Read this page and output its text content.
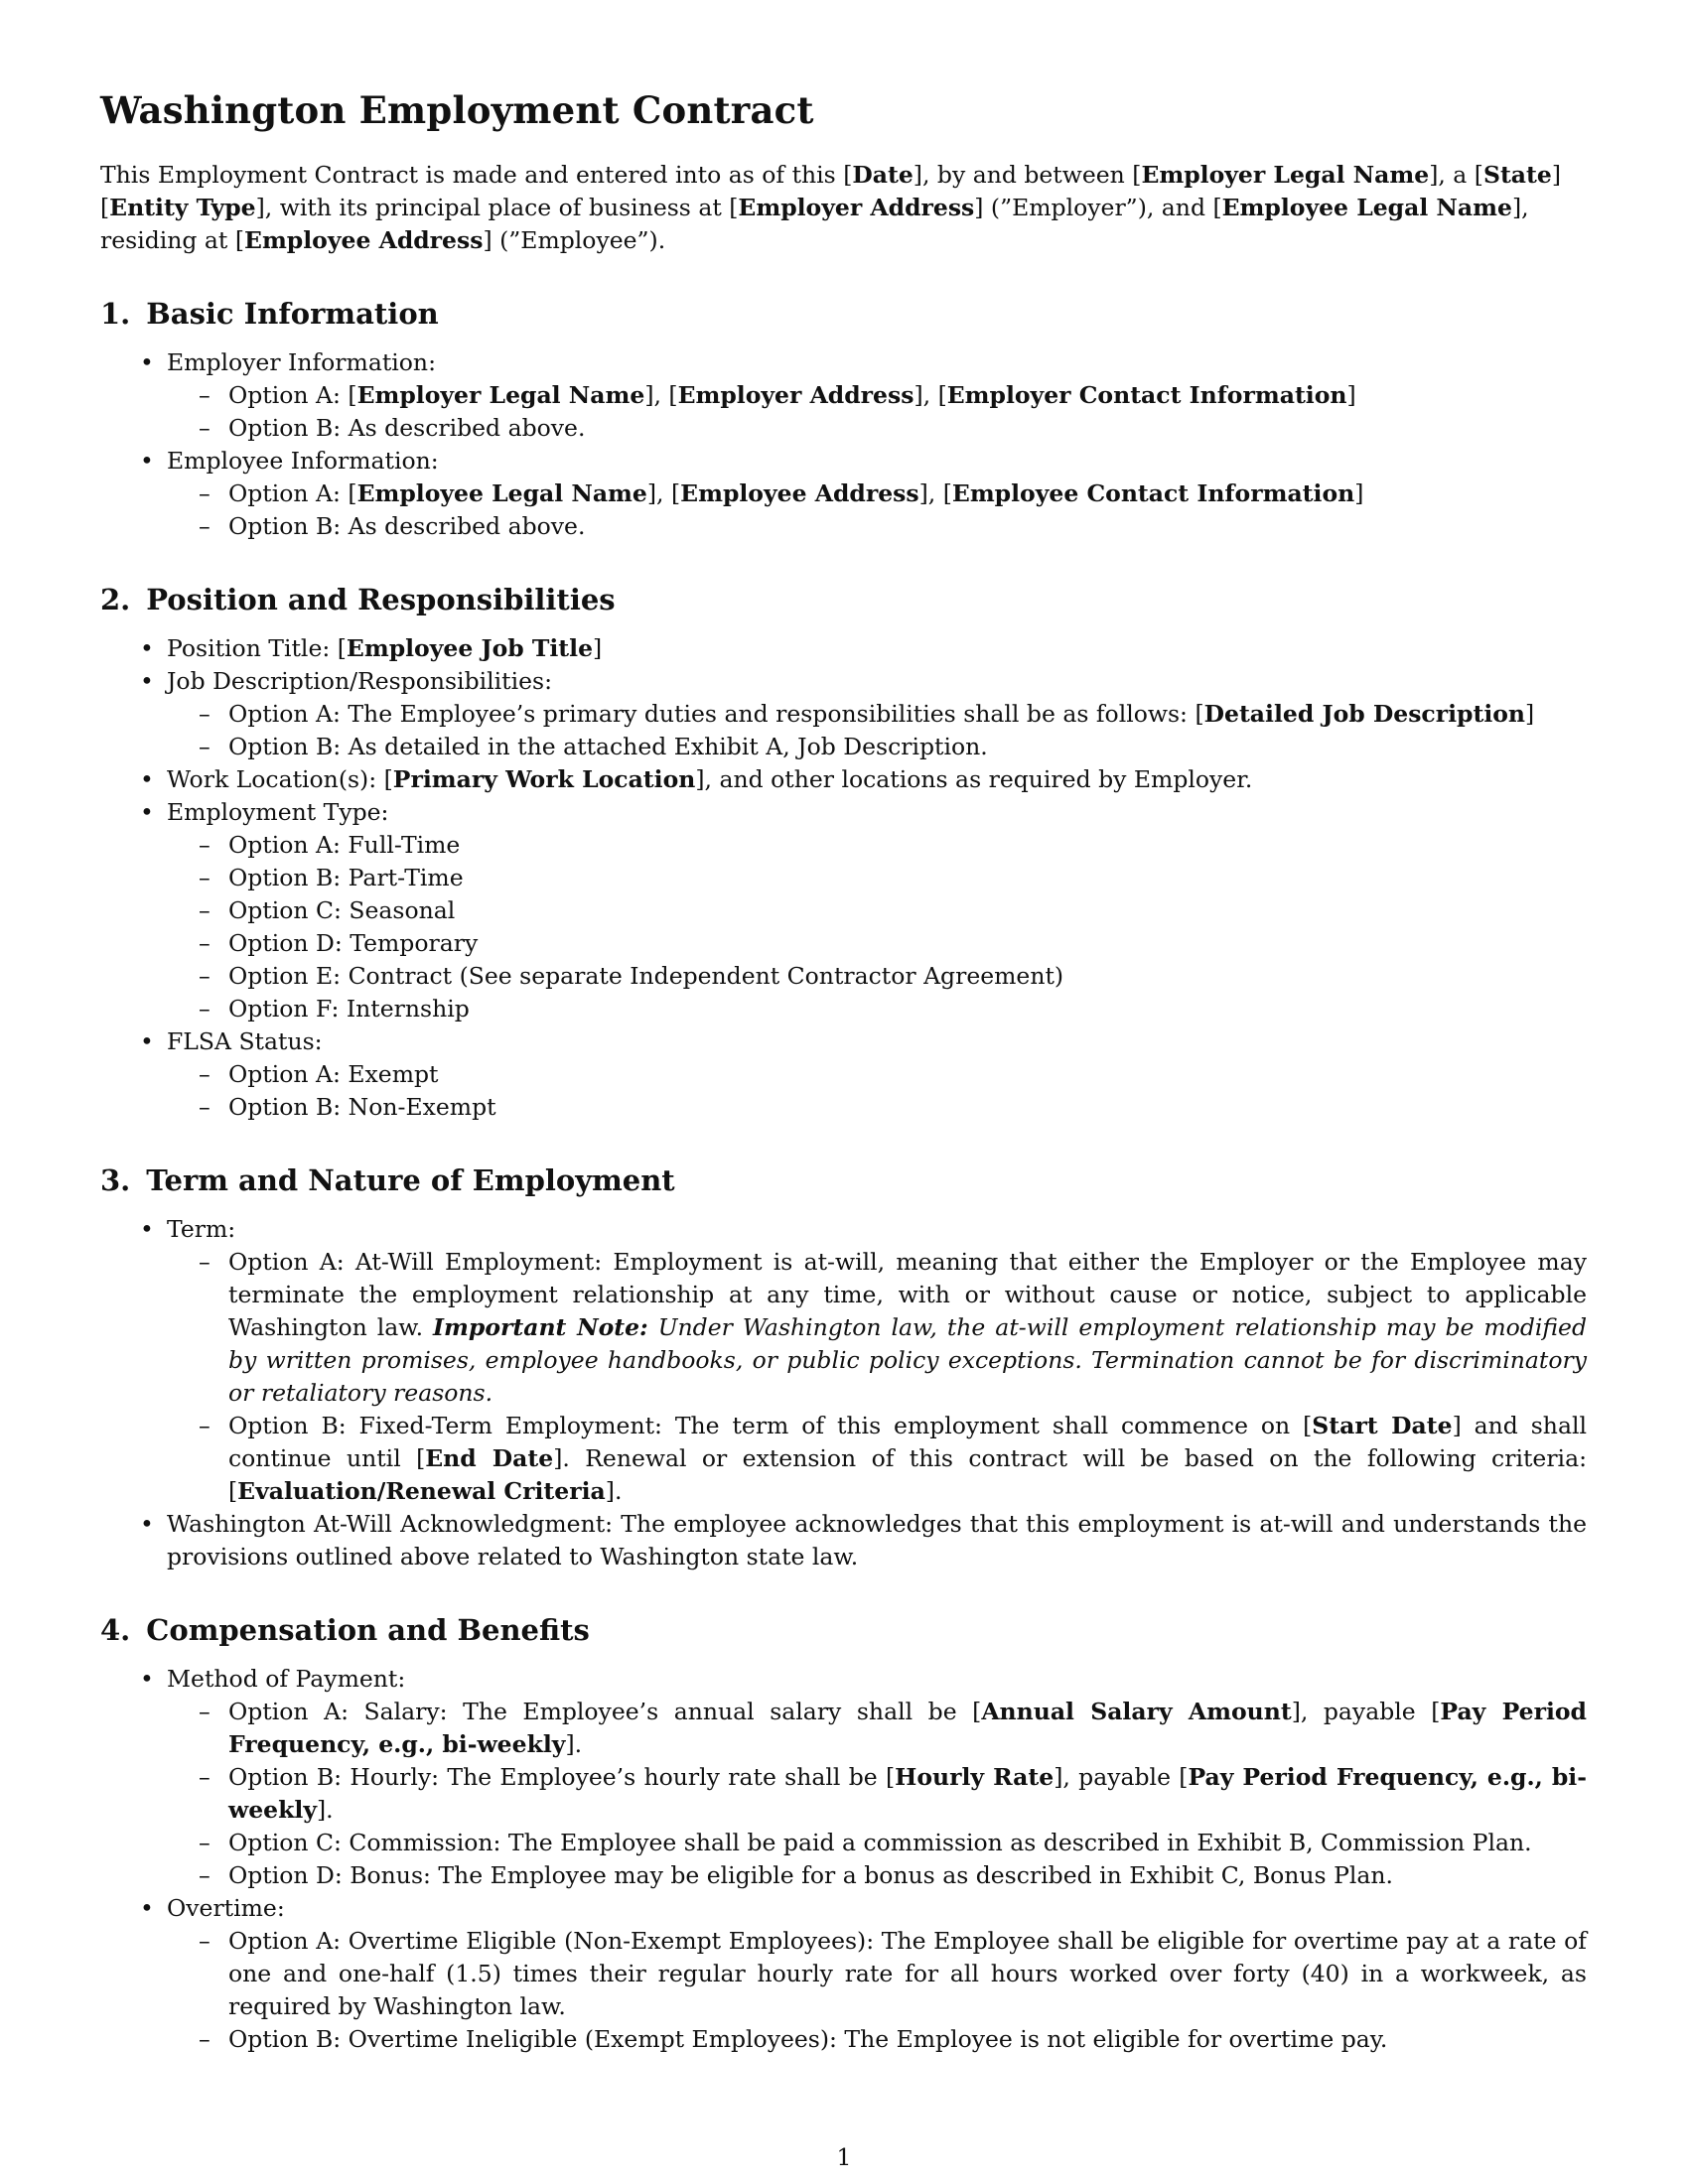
Washington Employment Contract

This Employment Contract is made and entered into as of this [Date], by and between [Employer Legal Name], a [State] [Entity Type], with its principal place of business at [Employer Address] (”Employer”), and [Employee Legal Name], residing at [Employee Address] (”Employee”).

1. Basic Information
• Employer Information:
– Option A: [Employer Legal Name], [Employer Address], [Employer Contact Information]
– Option B: As described above.
• Employee Information:
– Option A: [Employee Legal Name], [Employee Address], [Employee Contact Information]
– Option B: As described above.
2. Position and Responsibilities
• Position Title: [Employee Job Title]
• Job Description/Responsibilities:
– Option A: The Employee’s primary duties and responsibilities shall be as follows: [Detailed Job Description]
– Option B: As detailed in the attached Exhibit A, Job Description.
• Work Location(s): [Primary Work Location], and other locations as required by Employer.
• Employment Type:
– Option A: Full-Time
– Option B: Part-Time
– Option C: Seasonal
– Option D: Temporary
– Option E: Contract (See separate Independent Contractor Agreement)
– Option F: Internship
• FLSA Status:
– Option A: Exempt
– Option B: Non-Exempt
3. Term and Nature of Employment
• Term:
– Option A: At-Will Employment: Employment is at-will, meaning that either the Employer or the Employee may terminate the employment relationship at any time, with or without cause or notice, subject to applicable Washington law. Important Note: Under Washington law, the at-will employment relationship may be modified by written promises, employee handbooks, or public policy exceptions. Termination cannot be for discriminatory or retaliatory reasons.
– Option B: Fixed-Term Employment: The term of this employment shall commence on [Start Date] and shall continue until [End Date]. Renewal or extension of this contract will be based on the following criteria: [Evaluation/Renewal Criteria].
• Washington At-Will Acknowledgment: The employee acknowledges that this employment is at-will and understands the provisions outlined above related to Washington state law.
4. Compensation and Benefits
• Method of Payment:
– Option A: Salary: The Employee’s annual salary shall be [Annual Salary Amount], payable [Pay Period Frequency, e.g., bi-weekly].
– Option B: Hourly: The Employee’s hourly rate shall be [Hourly Rate], payable [Pay Period Frequency, e.g., bi-weekly].
– Option C: Commission: The Employee shall be paid a commission as described in Exhibit B, Commission Plan.
– Option D: Bonus: The Employee may be eligible for a bonus as described in Exhibit C, Bonus Plan.
• Overtime:
– Option A: Overtime Eligible (Non-Exempt Employees): The Employee shall be eligible for overtime pay at a rate of one and one-half (1.5) times their regular hourly rate for all hours worked over forty (40) in a workweek, as required by Washington law.
– Option B: Overtime Ineligible (Exempt Employees): The Employee is not eligible for overtime pay.
1
